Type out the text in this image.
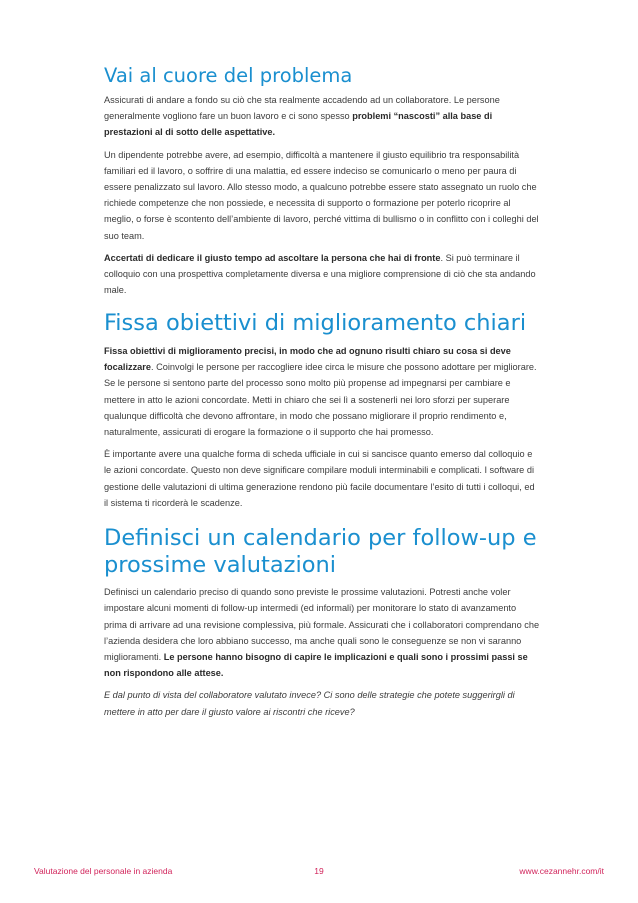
Vai al cuore del problema

Assicurati di andare a fondo su ciò che sta realmente accadendo ad un collaboratore. Le persone generalmente vogliono fare un buon lavoro e ci sono spesso problemi “nascosti” alla base di prestazioni al di sotto delle aspettative.

Un dipendente potrebbe avere, ad esempio, difficoltà a mantenere il giusto equilibrio tra responsabilità familiari ed il lavoro, o soffrire di una malattia, ed essere indeciso se comunicarlo o meno per paura di essere penalizzato sul lavoro. Allo stesso modo, a qualcuno potrebbe essere stato assegnato un ruolo che richiede competenze che non possiede, e necessita di supporto o formazione per poterlo ricoprire al meglio, o forse è scontento dell’ambiente di lavoro, perché vittima di bullismo o in conflitto con i colleghi del suo team.

Accertati di dedicare il giusto tempo ad ascoltare la persona che hai di fronte. Si può terminare il colloquio con una prospettiva completamente diversa e una migliore comprensione di ciò che sta andando male.

Fissa obiettivi di miglioramento chiari

Fissa obiettivi di miglioramento precisi, in modo che ad ognuno risulti chiaro su cosa si deve focalizzare. Coinvolgi le persone per raccogliere idee circa le misure che possono adottare per migliorare. Se le persone si sentono parte del processo sono molto più propense ad impegnarsi per cambiare e mettere in atto le azioni concordate. Metti in chiaro che sei lì a sostenerli nei loro sforzi per superare qualunque difficoltà che devono affrontare, in modo che possano migliorare il proprio rendimento e, naturalmente, assicurati di erogare la formazione o il supporto che hai promesso.

È importante avere una qualche forma di scheda ufficiale in cui si sancisce quanto emerso dal colloquio e le azioni concordate. Questo non deve significare compilare moduli interminabili e complicati. I software di gestione delle valutazioni di ultima generazione rendono più facile documentare l’esito di tutti i colloqui, ed il sistema ti ricorderà le scadenze.

Definisci un calendario per follow-up e prossime valutazioni

Definisci un calendario preciso di quando sono previste le prossime valutazioni. Potresti anche voler impostare alcuni momenti di follow-up intermedi (ed informali) per monitorare lo stato di avanzamento prima di arrivare ad una revisione complessiva, più formale. Assicurati che i collaboratori comprendano che l’azienda desidera che loro abbiano successo, ma anche quali sono le conseguenze se non vi saranno miglioramenti. Le persone hanno bisogno di capire le implicazioni e quali sono i prossimi passi se non rispondono alle attese.

E dal punto di vista del collaboratore valutato invece? Ci sono delle strategie che potete suggerirgli di mettere in atto per dare il giusto valore ai riscontri che riceve?

Valutazione del personale in azienda	19	www.cezannehr.com/it
